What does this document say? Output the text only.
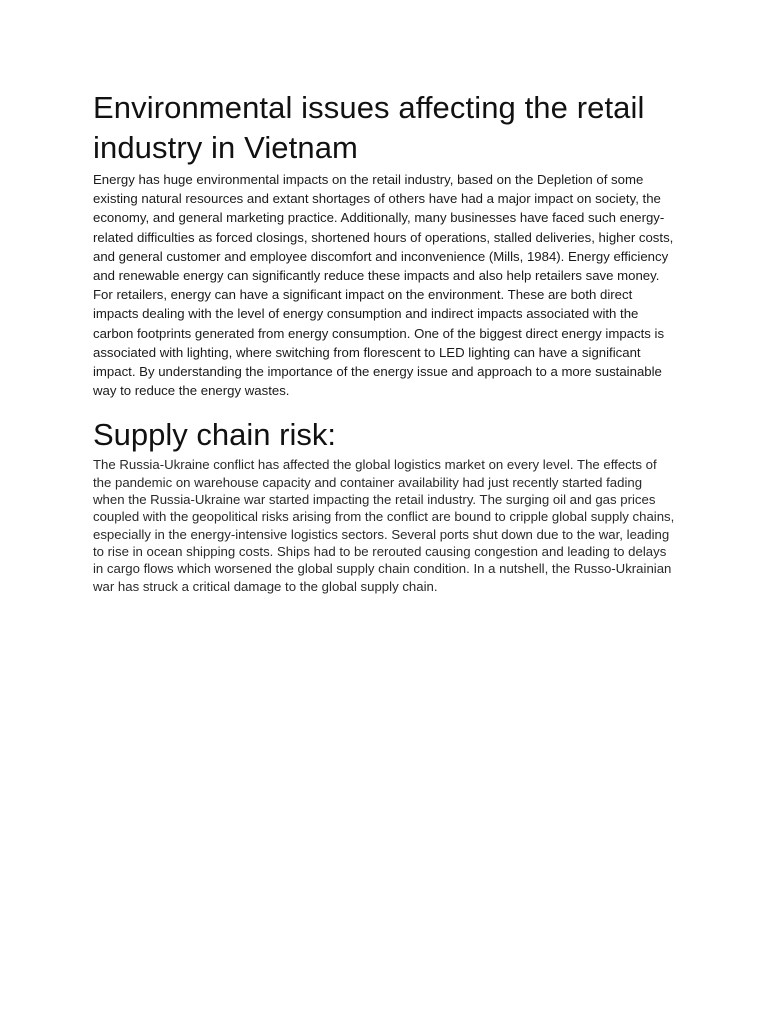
Environmental issues affecting the retail industry in Vietnam

Energy has huge environmental impacts on the retail industry, based on the Depletion of some existing natural resources and extant shortages of others have had a major impact on society, the economy, and general marketing practice. Additionally, many businesses have faced such energy-related difficulties as forced closings, shortened hours of operations, stalled deliveries, higher costs, and general customer and employee discomfort and inconvenience (Mills, 1984). Energy efficiency and renewable energy can significantly reduce these impacts and also help retailers save money. For retailers, energy can have a significant impact on the environment. These are both direct impacts dealing with the level of energy consumption and indirect impacts associated with the carbon footprints generated from energy consumption. One of the biggest direct energy impacts is associated with lighting, where switching from florescent to LED lighting can have a significant impact. By understanding the importance of the energy issue and approach to a more sustainable way to reduce the energy wastes.

Supply chain risk:

The Russia-Ukraine conflict has affected the global logistics market on every level. The effects of the pandemic on warehouse capacity and container availability had just recently started fading when the Russia-Ukraine war started impacting the retail industry. The surging oil and gas prices coupled with the geopolitical risks arising from the conflict are bound to cripple global supply chains, especially in the energy-intensive logistics sectors. Several ports shut down due to the war, leading to rise in ocean shipping costs. Ships had to be rerouted causing congestion and leading to delays in cargo flows which worsened the global supply chain condition. In a nutshell, the Russo-Ukrainian war has struck a critical damage to the global supply chain.
